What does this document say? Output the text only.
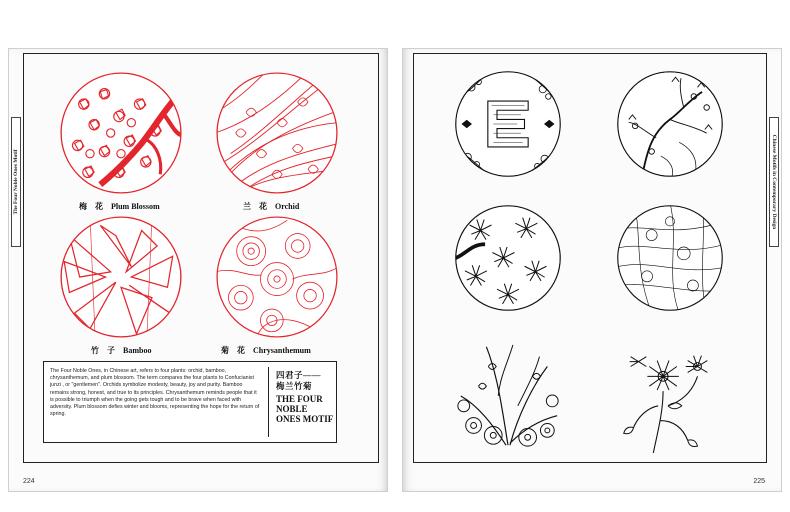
The Four Noble Ones Motif	梅　花 Plum Blossom	兰　花 Orchid
竹　子 Bamboo	菊　花 Chrysanthemum
The Four Noble Ones, in Chinese art, refers to four plants: orchid, bamboo, chrysanthemum, and plum blossom. The term compares the four plants to Confucianist junzi , or "gentlemen". Orchids symbolize modesty, beauty, joy and purity. Bamboo remains strong, honest, and true to its principles. Chrysanthemum reminds people that it is possible to triumph when the going gets tough and to be brave when faced with adversity. Plum blossom defies winter and blooms, representing the hope for the return of spring.
四君子——
梅兰竹菊
THE FOUR NOBLE ONES MOTIF
224
Chinese Motifs in Contemporary Design
225
